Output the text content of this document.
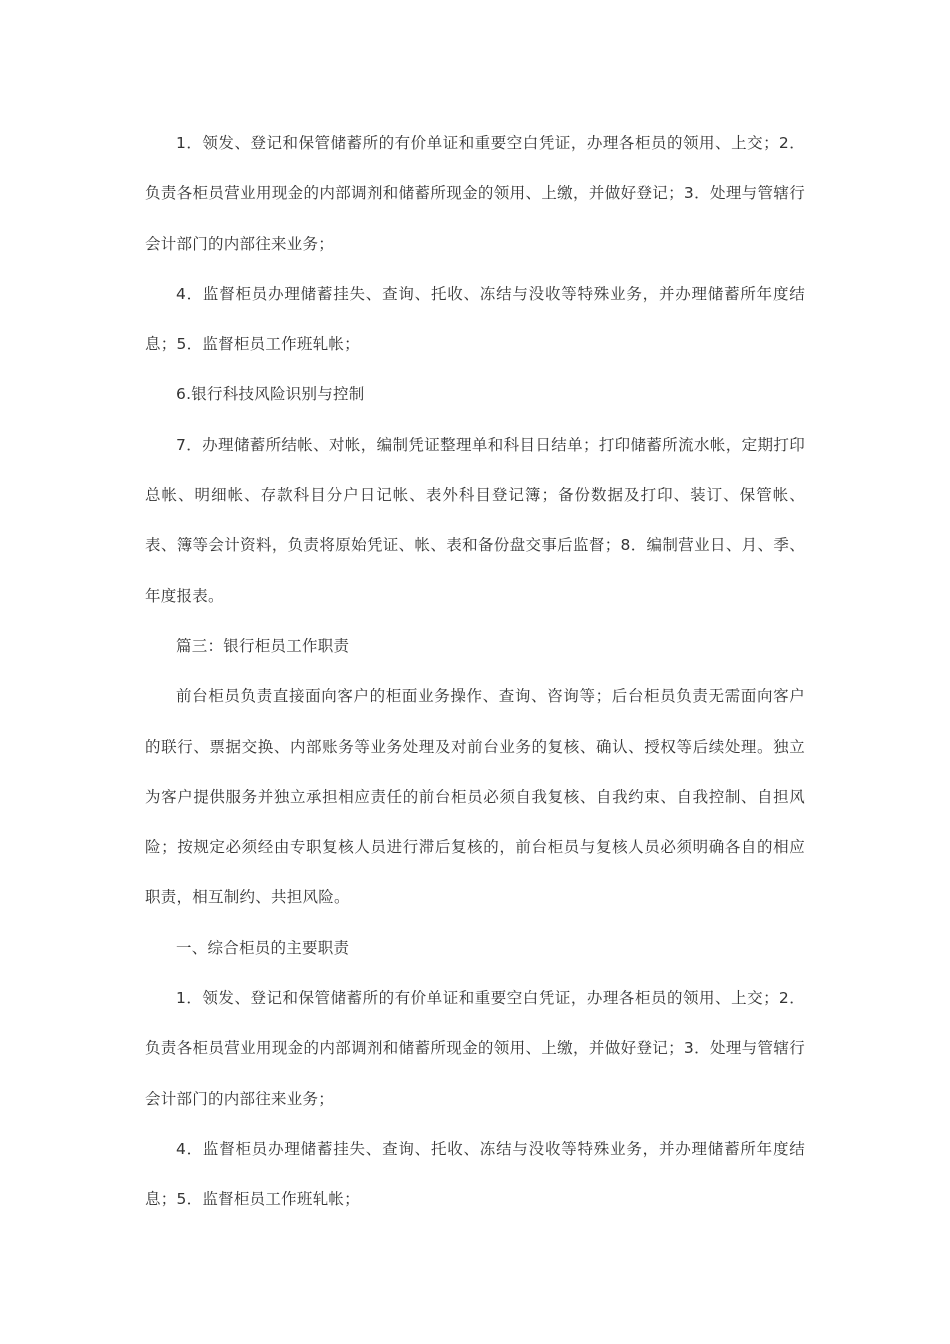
1．领发、登记和保管储蓄所的有价单证和重要空白凭证，办理各柜员的领用、上交；2．负责各柜员营业用现金的内部调剂和储蓄所现金的领用、上缴，并做好登记；3．处理与管辖行会计部门的内部往来业务；

4．监督柜员办理储蓄挂失、查询、托收、冻结与没收等特殊业务，并办理储蓄所年度结息；5．监督柜员工作班轧帐；

6.银行科技风险识别与控制

7．办理储蓄所结帐、对帐，编制凭证整理单和科目日结单；打印储蓄所流水帐，定期打印总帐、明细帐、存款科目分户日记帐、表外科目登记簿；备份数据及打印、装订、保管帐、表、簿等会计资料，负责将原始凭证、帐、表和备份盘交事后监督；8．编制营业日、月、季、年度报表。

篇三：银行柜员工作职责

前台柜员负责直接面向客户的柜面业务操作、查询、咨询等；后台柜员负责无需面向客户的联行、票据交换、内部账务等业务处理及对前台业务的复核、确认、授权等后续处理。独立为客户提供服务并独立承担相应责任的前台柜员必须自我复核、自我约束、自我控制、自担风险；按规定必须经由专职复核人员进行滞后复核的，前台柜员与复核人员必须明确各自的相应职责，相互制约、共担风险。

一、综合柜员的主要职责

1．领发、登记和保管储蓄所的有价单证和重要空白凭证，办理各柜员的领用、上交；2．负责各柜员营业用现金的内部调剂和储蓄所现金的领用、上缴，并做好登记；3．处理与管辖行会计部门的内部往来业务；

4．监督柜员办理储蓄挂失、查询、托收、冻结与没收等特殊业务，并办理储蓄所年度结息；5．监督柜员工作班轧帐；
